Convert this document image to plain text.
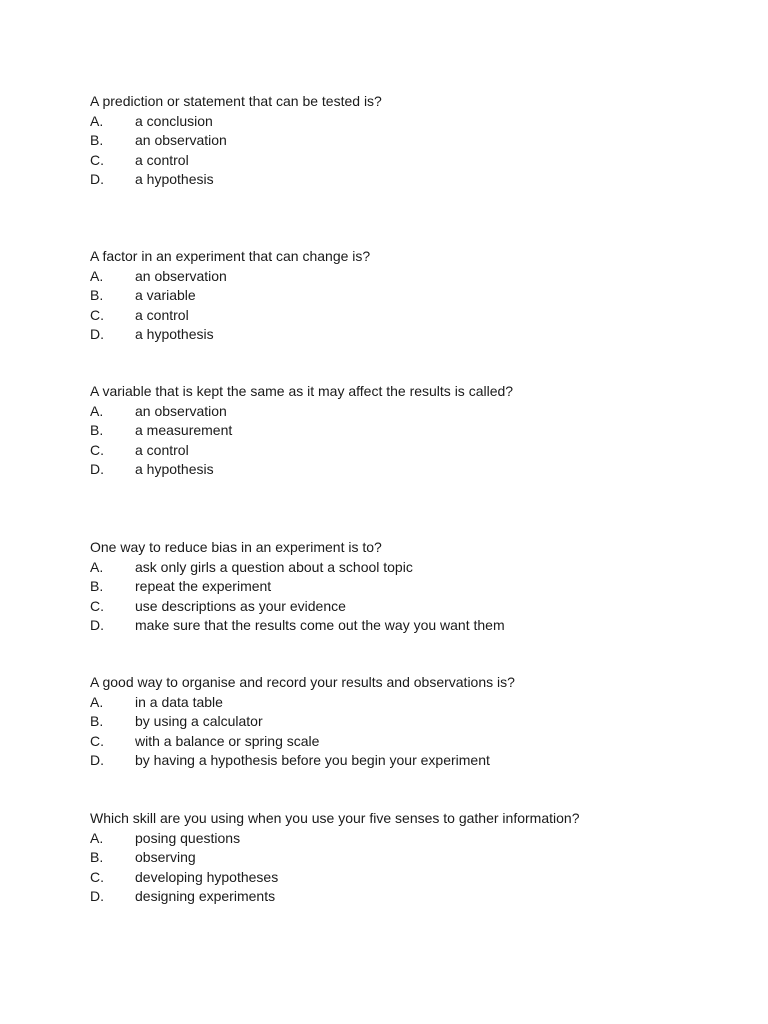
A prediction or statement that can be tested is?
A.	a conclusion
B.	an observation
C.	a control
D.	a hypothesis
A factor in an experiment that can change is?
A.	an observation
B.	a variable
C.	a control
D.	a hypothesis
A variable that is kept the same as it may affect the results is called?
A.	an observation
B.	a measurement
C.	a control
D.	a hypothesis
One way to reduce bias in an experiment is to?
A.	ask only girls a question about a school topic
B.	repeat the experiment
C.	use descriptions as your evidence
D.	make sure that the results come out the way you want them
A good way to organise and record your results and observations is?
A.	in a data table
B.	by using a calculator
C.	with a balance or spring scale
D.	by having a hypothesis before you begin your experiment
Which skill are you using when you use your five senses to gather information?
A.	posing questions
B.	observing
C.	developing hypotheses
D.	designing experiments
